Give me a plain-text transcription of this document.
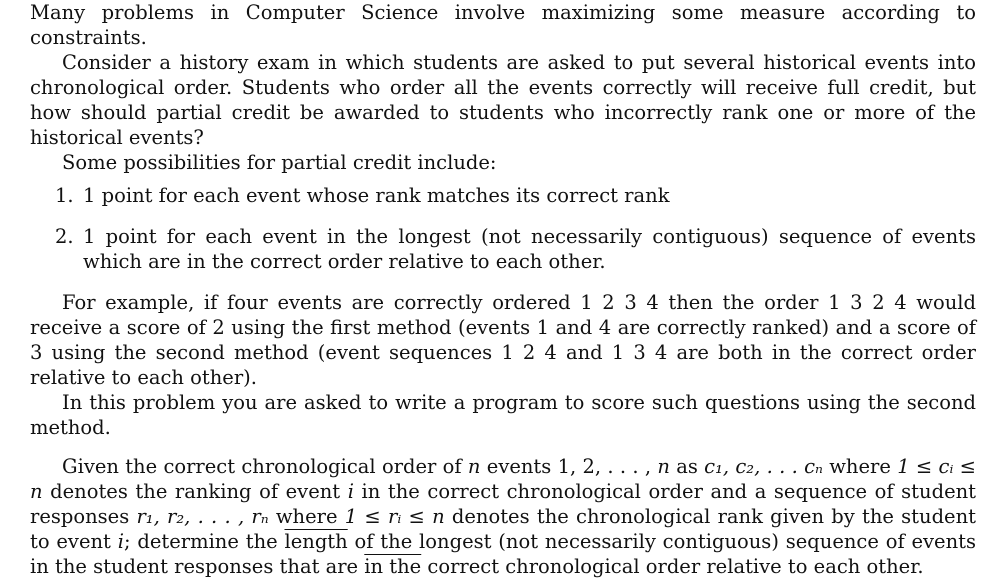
Many problems in Computer Science involve maximizing some measure according to constraints.

Consider a history exam in which students are asked to put several historical events into chronological order. Students who order all the events correctly will receive full credit, but how should partial credit be awarded to students who incorrectly rank one or more of the historical events?

Some possibilities for partial credit include:

1. 1 point for each event whose rank matches its correct rank
2. 1 point for each event in the longest (not necessarily contiguous) sequence of events which are in the correct order relative to each other.

For example, if four events are correctly ordered 1 2 3 4 then the order 1 3 2 4 would receive a score of 2 using the first method (events 1 and 4 are correctly ranked) and a score of 3 using the second method (event sequences 1 2 4 and 1 3 4 are both in the correct order relative to each other).

In this problem you are asked to write a program to score such questions using the second method.

Given the correct chronological order of n events 1, 2, . . . , n as c₁, c₂, . . . cₙ where 1 ≤ cᵢ ≤ n denotes the ranking of event i in the correct chronological order and a sequence of student responses r₁, r₂, . . . , rₙ where 1 ≤ rᵢ ≤ n denotes the chronological rank given by the student to event i; determine the length of the longest (not necessarily contiguous) sequence of events in the student responses that are in the correct chronological order relative to each other.
